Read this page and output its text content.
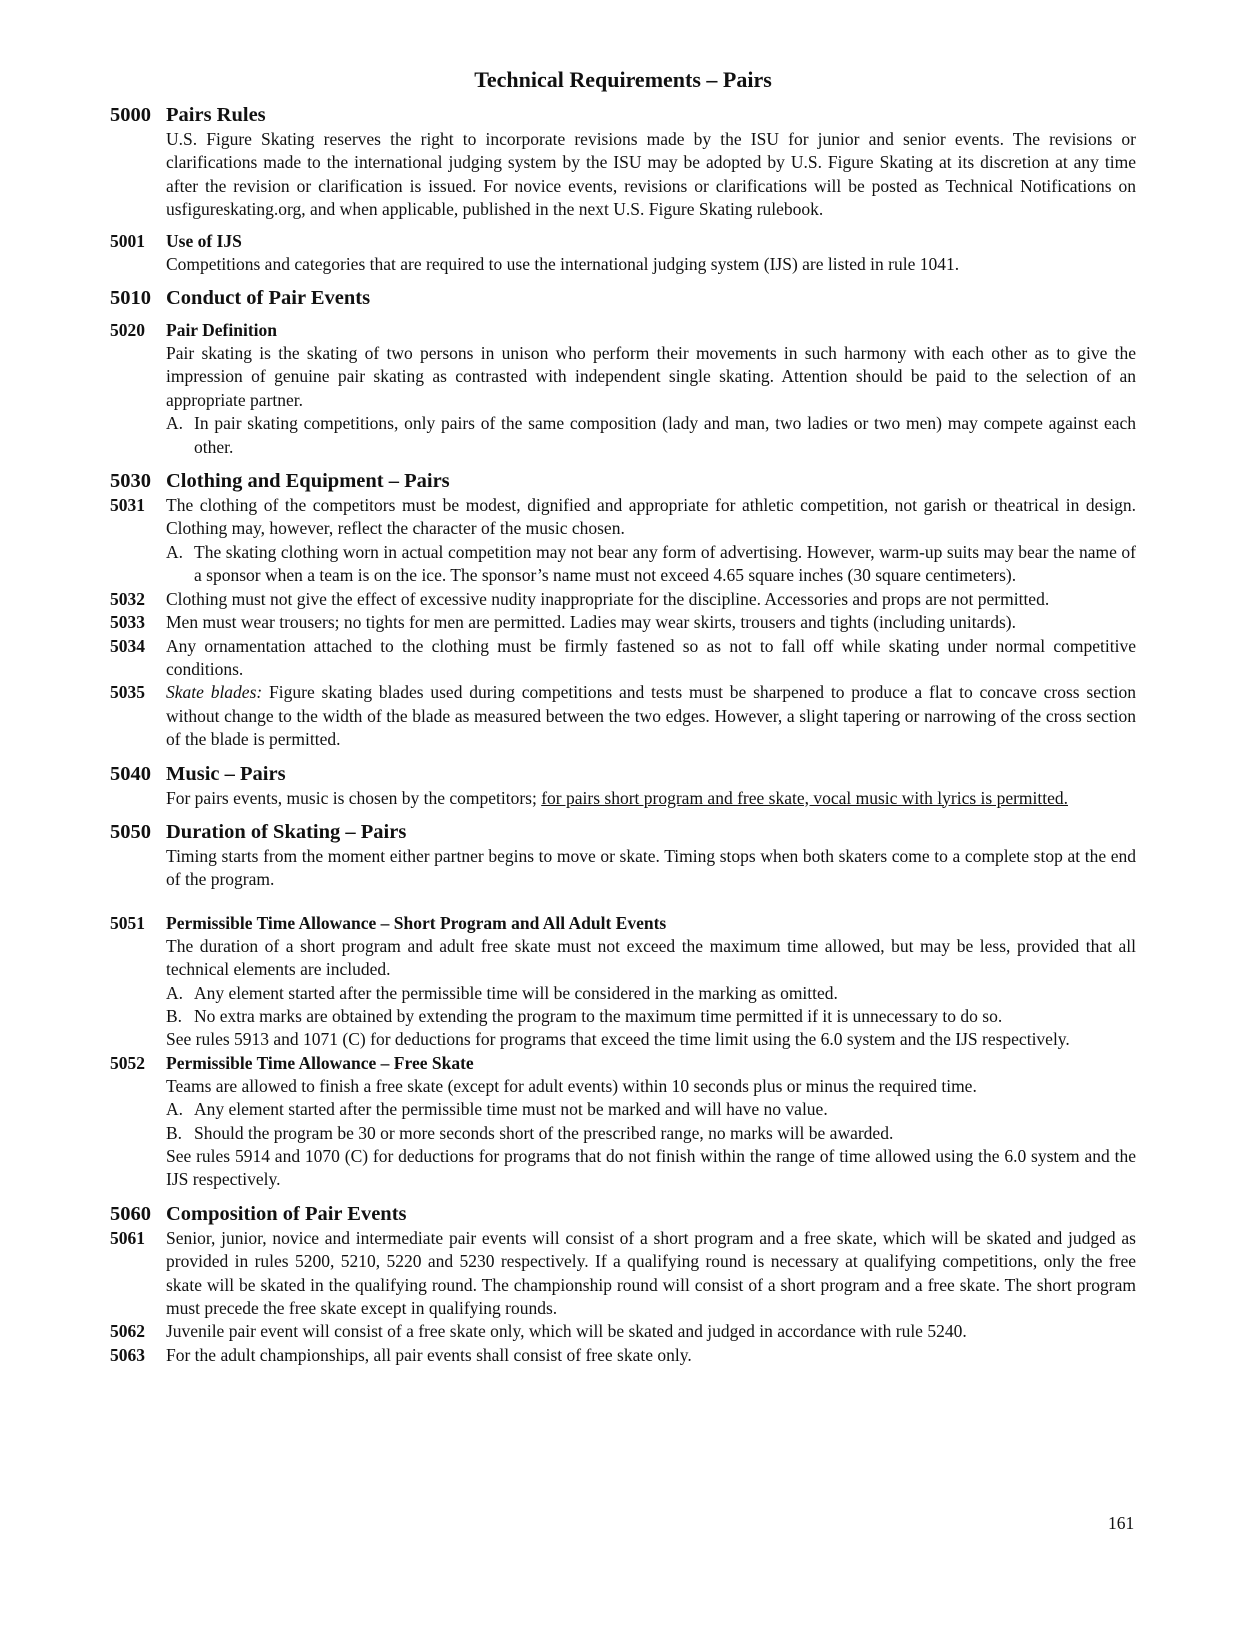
Technical Requirements – Pairs
5000 Pairs Rules
U.S. Figure Skating reserves the right to incorporate revisions made by the ISU for junior and senior events. The revisions or clarifications made to the international judging system by the ISU may be adopted by U.S. Figure Skating at its discretion at any time after the revision or clarification is issued. For novice events, revisions or clarifications will be posted as Technical Notifications on usfigureskating.org, and when applicable, published in the next U.S. Figure Skating rulebook.
5001	Use of IJS
Competitions and categories that are required to use the international judging system (IJS) are listed in rule 1041.
5010 Conduct of Pair Events
5020	Pair Definition
Pair skating is the skating of two persons in unison who perform their movements in such harmony with each other as to give the impression of genuine pair skating as contrasted with independent single skating. Attention should be paid to the selection of an appropriate partner.
A. In pair skating competitions, only pairs of the same composition (lady and man, two ladies or two men) may compete against each other.
5030 Clothing and Equipment – Pairs
5031	The clothing of the competitors must be modest, dignified and appropriate for athletic competition, not garish or theatrical in design. Clothing may, however, reflect the character of the music chosen.
A. The skating clothing worn in actual competition may not bear any form of advertising. However, warm-up suits may bear the name of a sponsor when a team is on the ice. The sponsor’s name must not exceed 4.65 square inches (30 square centimeters).
5032	Clothing must not give the effect of excessive nudity inappropriate for the discipline. Accessories and props are not permitted.
5033	Men must wear trousers; no tights for men are permitted. Ladies may wear skirts, trousers and tights (including unitards).
5034	Any ornamentation attached to the clothing must be firmly fastened so as not to fall off while skating under normal competitive conditions.
5035	Skate blades: Figure skating blades used during competitions and tests must be sharpened to produce a flat to concave cross section without change to the width of the blade as measured between the two edges. However, a slight tapering or narrowing of the cross section of the blade is permitted.
5040 Music – Pairs
For pairs events, music is chosen by the competitors; for pairs short program and free skate, vocal music with lyrics is permitted.
5050 Duration of Skating – Pairs
Timing starts from the moment either partner begins to move or skate. Timing stops when both skaters come to a complete stop at the end of the program.
5051	Permissible Time Allowance – Short Program and All Adult Events
The duration of a short program and adult free skate must not exceed the maximum time allowed, but may be less, provided that all technical elements are included.
A. Any element started after the permissible time will be considered in the marking as omitted.
B. No extra marks are obtained by extending the program to the maximum time permitted if it is unnecessary to do so.
See rules 5913 and 1071 (C) for deductions for programs that exceed the time limit using the 6.0 system and the IJS respectively.
5052	Permissible Time Allowance – Free Skate
Teams are allowed to finish a free skate (except for adult events) within 10 seconds plus or minus the required time.
A. Any element started after the permissible time must not be marked and will have no value.
B. Should the program be 30 or more seconds short of the prescribed range, no marks will be awarded.
See rules 5914 and 1070 (C) for deductions for programs that do not finish within the range of time allowed using the 6.0 system and the IJS respectively.
5060 Composition of Pair Events
5061	Senior, junior, novice and intermediate pair events will consist of a short program and a free skate, which will be skated and judged as provided in rules 5200, 5210, 5220 and 5230 respectively. If a qualifying round is necessary at qualifying competitions, only the free skate will be skated in the qualifying round. The championship round will consist of a short program and a free skate. The short program must precede the free skate except in qualifying rounds.
5062	Juvenile pair event will consist of a free skate only, which will be skated and judged in accordance with rule 5240.
5063	For the adult championships, all pair events shall consist of free skate only.
161
